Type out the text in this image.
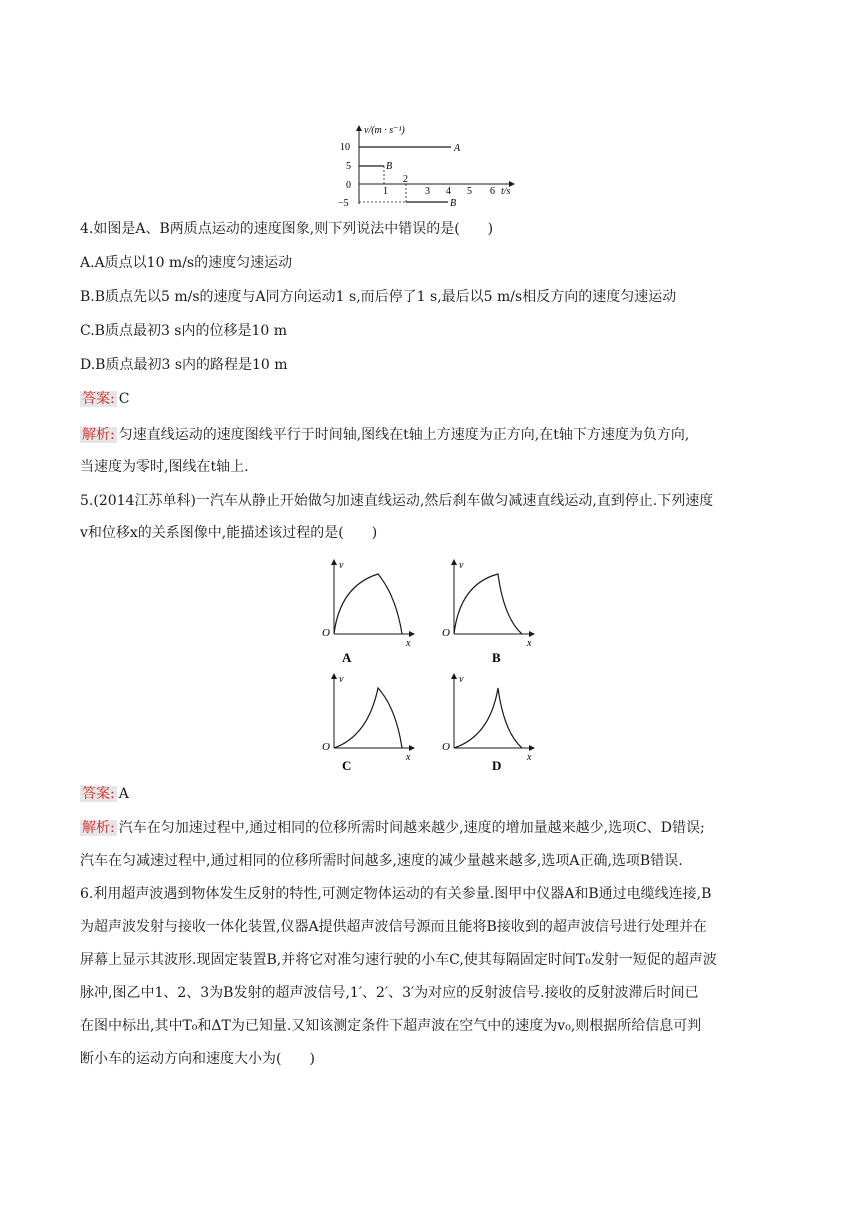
v/(m · s⁻¹)
t/s
10
5
0
−5
1
2
3 4 5 6
A
B
B
4.如图是A、B两质点运动的速度图象,则下列说法中错误的是(　　)
A.A质点以10 m/s的速度匀速运动
B.B质点先以5 m/s的速度与A同方向运动1 s,而后停了1 s,最后以5 m/s相反方向的速度匀速运动
C.B质点最初3 s内的位移是10 m
D.B质点最初3 s内的路程是10 m
答案: C
解析: 匀速直线运动的速度图线平行于时间轴,图线在t轴上方速度为正方向,在t轴下方速度为负方向,
当速度为零时,图线在t轴上.
5.(2014江苏单科)一汽车从静止开始做匀加速直线运动,然后刹车做匀减速直线运动,直到停止.下列速度
v和位移x的关系图像中,能描述该过程的是(　　)
v
O
x
A
v
O
x
B
v
O
x
C
v
O
x
D
答案: A
解析: 汽车在匀加速过程中,通过相同的位移所需时间越来越少,速度的增加量越来越少,选项C、D错误;
汽车在匀减速过程中,通过相同的位移所需时间越多,速度的减少量越来越多,选项A正确,选项B错误.
6.利用超声波遇到物体发生反射的特性,可测定物体运动的有关参量.图甲中仪器A和B通过电缆线连接,B
为超声波发射与接收一体化装置,仪器A提供超声波信号源而且能将B接收到的超声波信号进行处理并在
屏幕上显示其波形.现固定装置B,并将它对准匀速行驶的小车C,使其每隔固定时间T₀发射一短促的超声波
脉冲,图乙中1、2、3为B发射的超声波信号,1′、2′、3′为对应的反射波信号.接收的反射波滞后时间已
在图中标出,其中T₀和ΔT为已知量.又知该测定条件下超声波在空气中的速度为v₀,则根据所给信息可判
断小车的运动方向和速度大小为(　　)
